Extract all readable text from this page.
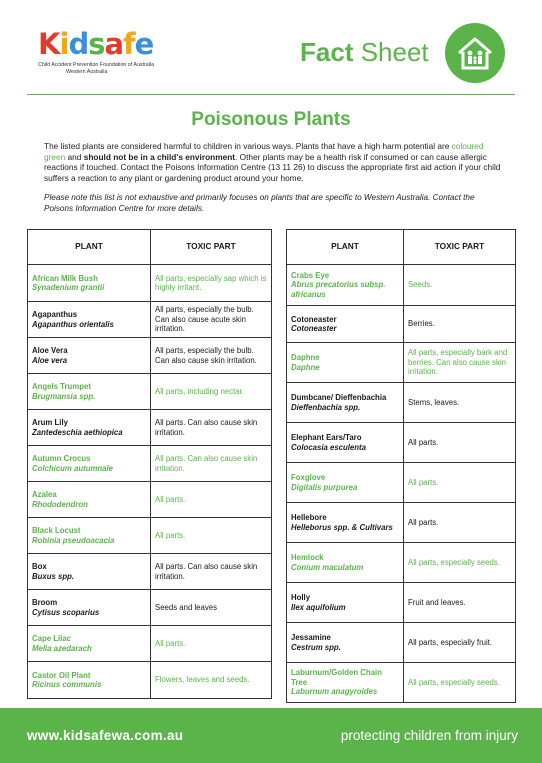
Kidsafe
Child Accident Prevention Foundation of Australia
Western Australia
Fact Sheet
Poisonous Plants
The listed plants are considered harmful to children in various ways. Plants that have a high harm potential are coloured green and should not be in a child's environment. Other plants may be a health risk if consumed or can cause allergic reactions if touched. Contact the Poisons Information Centre (13 11 26) to discuss the appropriate first aid action if your child suffers a reaction to any plant or gardening product around your home.
Please note this list is not exhaustive and primarily focuses on plants that are specific to Western Australia. Contact the Poisons Information Centre for more details.
PLANT	TOXIC PART

African Milk Bush
Synadenium grantii	All parts, especially sap which is highly irritant.

Agapanthus
Agapanthus orientalis	All parts, especially the bulb. Can also cause acute skin irritation.

Aloe Vera
Aloe vera	All parts, especially the bulb. Can also cause skin irritation.

Angels Trumpet
Brugmansia spp.	All parts, including nectar.

Arum Lily
Zantedeschia aethiopica	All parts. Can also cause skin irritation.

Autumn Crocus
Colchicum autumnale	All parts. Can also cause skin irritation.

Azalea
Rhododendron	All parts.

Black Locust
Robinia pseudoacacia	All parts.

Box
Buxus spp.	All parts. Can also cause skin irritation.

Broom
Cytisus scoparius	Seeds and leaves

Cape Lilac
Melia azedarach	All parts.

Castor Oil Plant
Ricinus communis	Flowers, leaves and seeds.
PLANT	TOXIC PART

Crabs Eye
Abrus precatorius subsp. africanus	Seeds.

Cotoneaster
Cotoneaster	Berries.

Daphne
Daphne	All parts, especially bark and berries. Can also cause skin irritation.

Dumbcane/ Dieffenbachia
Dieffenbachia spp.	Stems, leaves.

Elephant Ears/Taro
Colocasia esculenta	All parts.

Foxglove
Digitalis purpurea	All parts.

Hellebore
Helleborus spp. & Cultivars	All parts.

Hemlock
Conium maculatum	All parts, especially seeds.

Holly
Ilex aquifolium	Fruit and leaves.

Jessamine
Cestrum spp.	All parts, especially fruit.

Laburnum/Golden Chain Tree
Laburnum anagyroides	All parts, especially seeds.
www.kidsafewa.com.au	protecting children from injury
